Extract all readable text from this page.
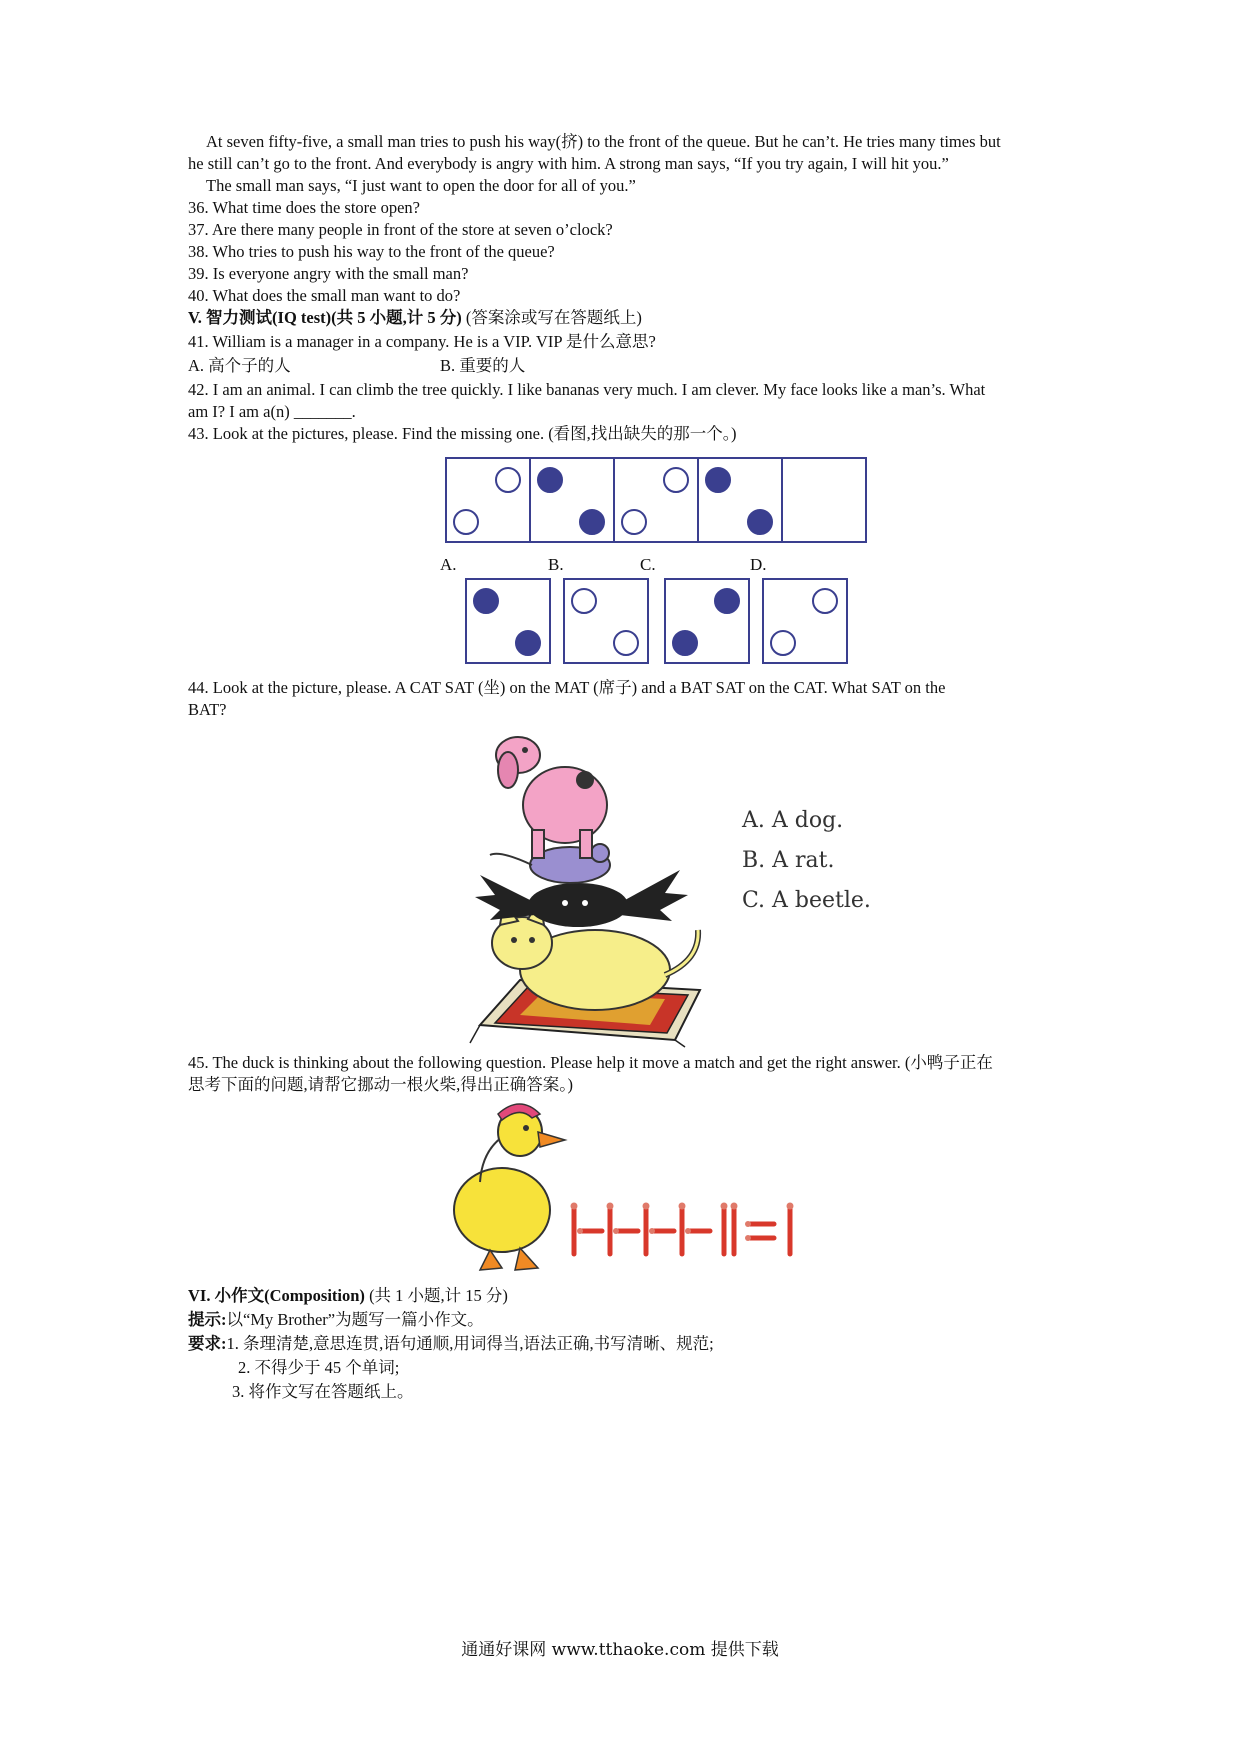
At seven fifty-five, a small man tries to push his way(挤) to the front of the queue. But he can’t. He tries many times but
he still can’t go to the front. And everybody is angry with him. A strong man says, “If you try again, I will hit you.”
The small man says, “I just want to open the door for all of you.”
36. What time does the store open?
37. Are there many people in front of the store at seven o’clock?
38. Who tries to push his way to the front of the queue?
39. Is everyone angry with the small man?
40. What does the small man want to do?
V. 智力测试(IQ test)(共 5 小题,计 5 分) (答案涂或写在答题纸上)
41. William is a manager in a company. He is a VIP. VIP 是什么意思?
A. 高个子的人	B. 重要的人
42. I am an animal. I can climb the tree quickly. I like bananas very much. I am clever. My face looks like a man’s. What
am I? I am a(n) _______.
43. Look at the pictures, please. Find the missing one. (看图,找出缺失的那一个。)
A.	B.	C.	D.
44. Look at the picture, please. A CAT SAT (坐) on the MAT (席子) and a BAT SAT on the CAT. What SAT on the
BAT?
A. A dog.
B. A rat.
C. A beetle.
45. The duck is thinking about the following question. Please help it move a match and get the right answer. (小鸭子正在
思考下面的问题,请帮它挪动一根火柴,得出正确答案。)
VI. 小作文(Composition) (共 1 小题,计 15 分)
提示:以“My Brother”为题写一篇小作文。
要求:1. 条理清楚,意思连贯,语句通顺,用词得当,语法正确,书写清晰、规范;
2. 不得少于 45 个单词;
3. 将作文写在答题纸上。
通通好课网 www.tthaoke.com 提供下载
